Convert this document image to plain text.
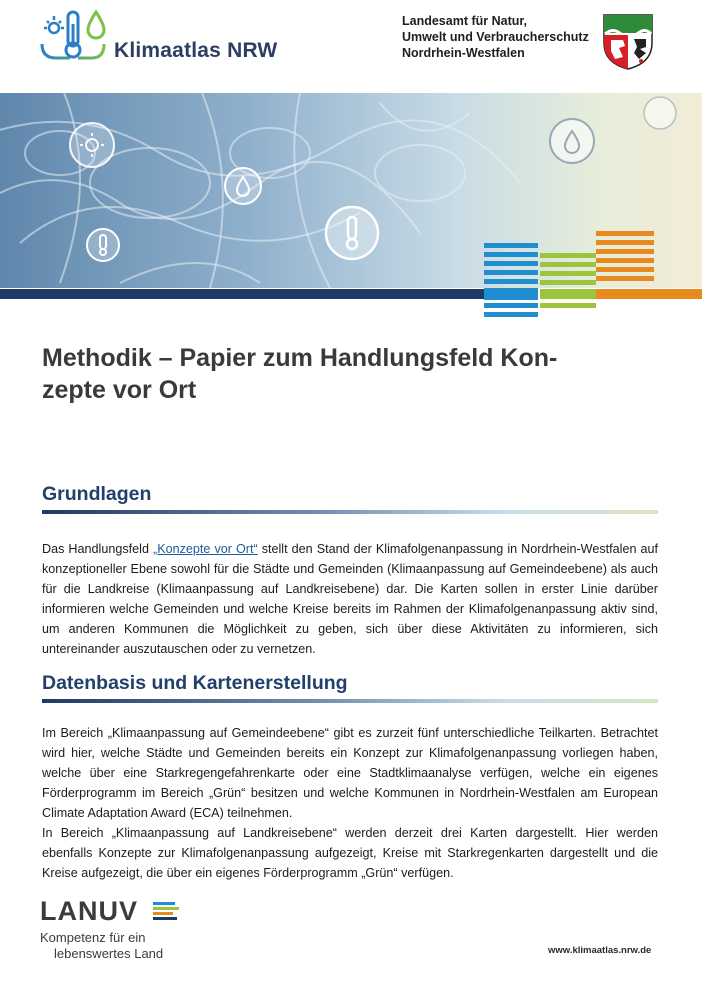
Klimaatlas NRW
Landesamt für Natur,
Umwelt und Verbraucherschutz
Nordrhein-Westfalen
Methodik – Papier zum Handlungsfeld Kon-
zepte vor Ort
Grundlagen

Das Handlungsfeld „Konzepte vor Ort“ stellt den Stand der Klimafolgenanpassung in Nordrhein-Westfalen auf konzeptioneller Ebene sowohl für die Städte und Gemeinden (Klimaanpassung auf Gemeindeebene) als auch für die Landkreise (Klimaanpassung auf Landkreisebene) dar. Die Karten sollen in erster Linie darüber informieren welche Gemeinden und welche Kreise bereits im Rahmen der Klimafolgenanpassung aktiv sind, um anderen Kommunen die Möglichkeit zu geben, sich über diese Aktivitäten zu informieren, sich untereinander auszutauschen oder zu vernetzen.

Datenbasis und Kartenerstellung

Im Bereich „Klimaanpassung auf Gemeindeebene“ gibt es zurzeit fünf unterschiedliche Teilkarten. Betrachtet wird hier, welche Städte und Gemeinden bereits ein Konzept zur Klimafolgenanpassung vorliegen haben, welche über eine Starkregengefahrenkarte oder eine Stadtklimaanalyse verfügen, welche ein eigenes Förderprogramm im Bereich „Grün“ besitzen und welche Kommunen in Nordrhein-Westfalen am European Climate Adaptation Award (ECA) teilnehmen.

In Bereich „Klimaanpassung auf Landkreisebene“ werden derzeit drei Karten dargestellt. Hier werden ebenfalls Konzepte zur Klimafolgenanpassung aufgezeigt, Kreise mit Starkregenkarten dargestellt und die Kreise aufgezeigt, die über ein eigenes Förderprogramm „Grün“ verfügen.

LANUV
Kompetenz für ein
lebenswertes Land	www.klimaatlas.nrw.de
